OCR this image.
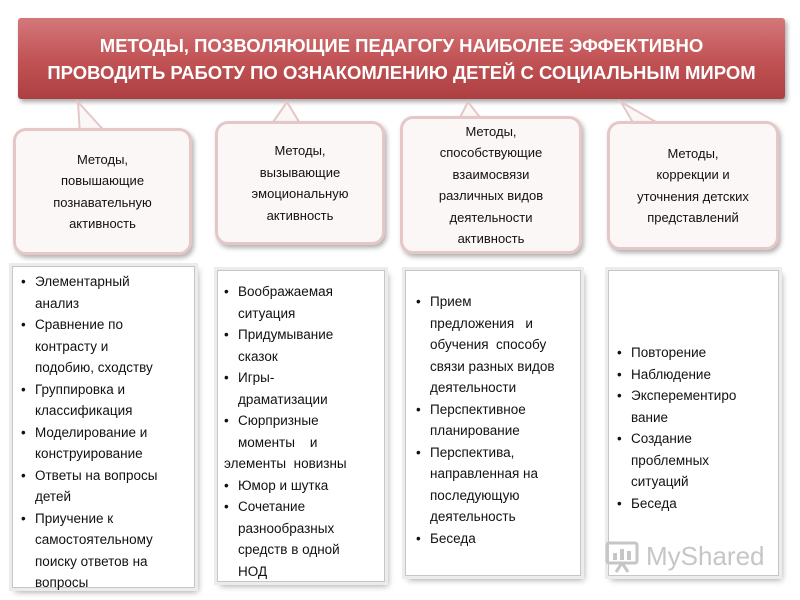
МЕТОДЫ, ПОЗВОЛЯЮЩИЕ ПЕДАГОГУ НАИБОЛЕЕ ЭФФЕКТИВНО
ПРОВОДИТЬ РАБОТУ ПО ОЗНАКОМЛЕНИЮ ДЕТЕЙ С СОЦИАЛЬНЫМ МИРОМ
Методы,
повышающие
познавательную
активность
Методы,
вызывающие
эмоциональную
активность
Методы,
способствующие
взаимосвязи
различных видов
деятельности
активность
Методы,
коррекции и
уточнения детских
представлений
• Элементарный
анализ
• Сравнение по
контрасту и
подобию, сходству
• Группировка и
классификация
• Моделирование и
конструирование
• Ответы на вопросы
детей
• Приучение к
самостоятельному
поиску ответов на
вопросы
• Воображаемая
ситуация
• Придумывание
сказок
• Игры-
драматизации
• Сюрпризные
моменты    и
элементы  новизны
• Юмор и шутка
• Сочетание
разнообразных
средств в одной
НОД
• Прием
предложения   и
обучения  способу
связи разных видов
деятельности
• Перспективное
планирование
• Перспектива,
направленная на
последующую
деятельность
• Беседа
• Повторение
• Наблюдение
• Эксперементиро
вание
• Создание
проблемных
ситуаций
• Беседа
MyShared
